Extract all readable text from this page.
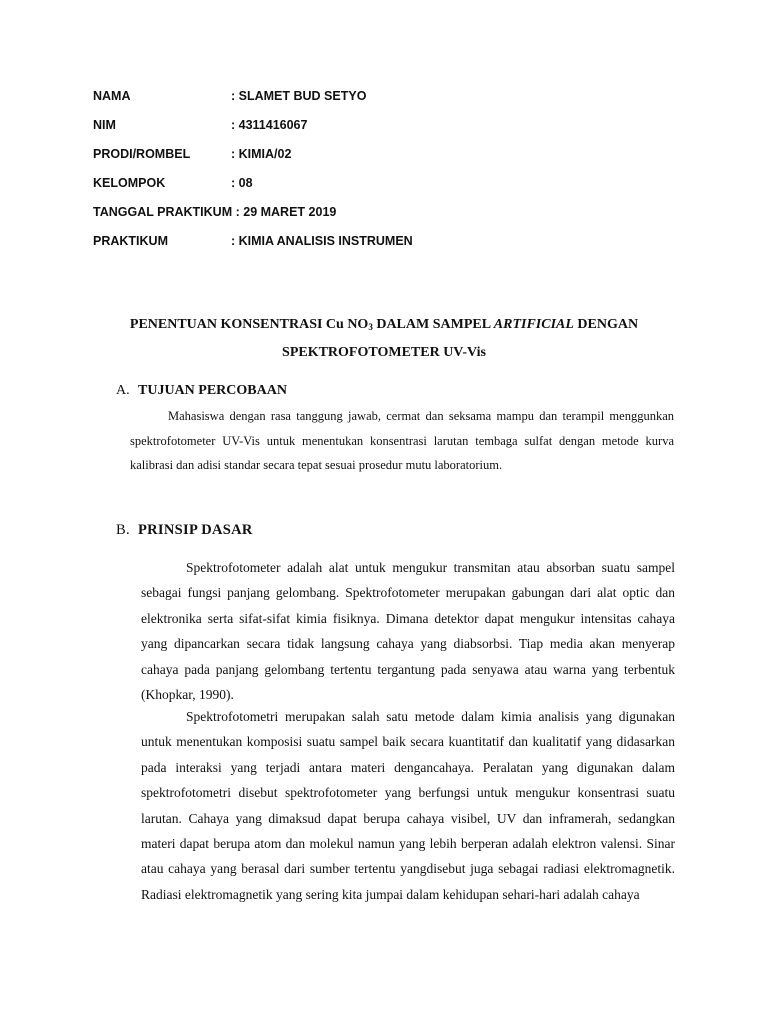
NAMA	: SLAMET BUD SETYO
NIM	: 4311416067
PRODI/ROMBEL	: KIMIA/02
KELOMPOK	: 08
TANGGAL PRAKTIKUM : 29 MARET 2019
PRAKTIKUM	: KIMIA ANALISIS INSTRUMEN
PENENTUAN KONSENTRASI Cu $NO_3$ DALAM SAMPEL ARTIFICIAL DENGAN
SPEKTROFOTOMETER UV-Vis
A. TUJUAN PERCOBAAN

Mahasiswa dengan rasa tanggung jawab, cermat dan seksama mampu dan terampil menggunkan spektrofotometer UV-Vis untuk menentukan konsentrasi larutan tembaga sulfat dengan metode kurva kalibrasi dan adisi standar secara tepat sesuai prosedur mutu laboratorium.

B. PRINSIP DASAR

Spektrofotometer adalah alat untuk mengukur transmitan atau absorban suatu sampel sebagai fungsi panjang gelombang. Spektrofotometer merupakan gabungan dari alat optic dan elektronika serta sifat-sifat kimia fisiknya. Dimana detektor dapat mengukur intensitas cahaya yang dipancarkan secara tidak langsung cahaya yang diabsorbsi. Tiap media akan menyerap cahaya pada panjang gelombang tertentu tergantung pada senyawa atau warna yang terbentuk (Khopkar, 1990).

Spektrofotometri merupakan salah satu metode dalam kimia analisis yang digunakan untuk menentukan komposisi suatu sampel baik secara kuantitatif dan kualitatif yang didasarkan pada interaksi yang terjadi antara materi dengancahaya. Peralatan yang digunakan dalam spektrofotometri disebut spektrofotometer yang berfungsi untuk mengukur konsentrasi suatu larutan. Cahaya yang dimaksud dapat berupa cahaya visibel, UV dan inframerah, sedangkan materi dapat berupa atom dan molekul namun yang lebih berperan adalah elektron valensi. Sinar atau cahaya yang berasal dari sumber tertentu yangdisebut juga sebagai radiasi elektromagnetik. Radiasi elektromagnetik yang sering kita jumpai dalam kehidupan sehari-hari adalah cahaya
